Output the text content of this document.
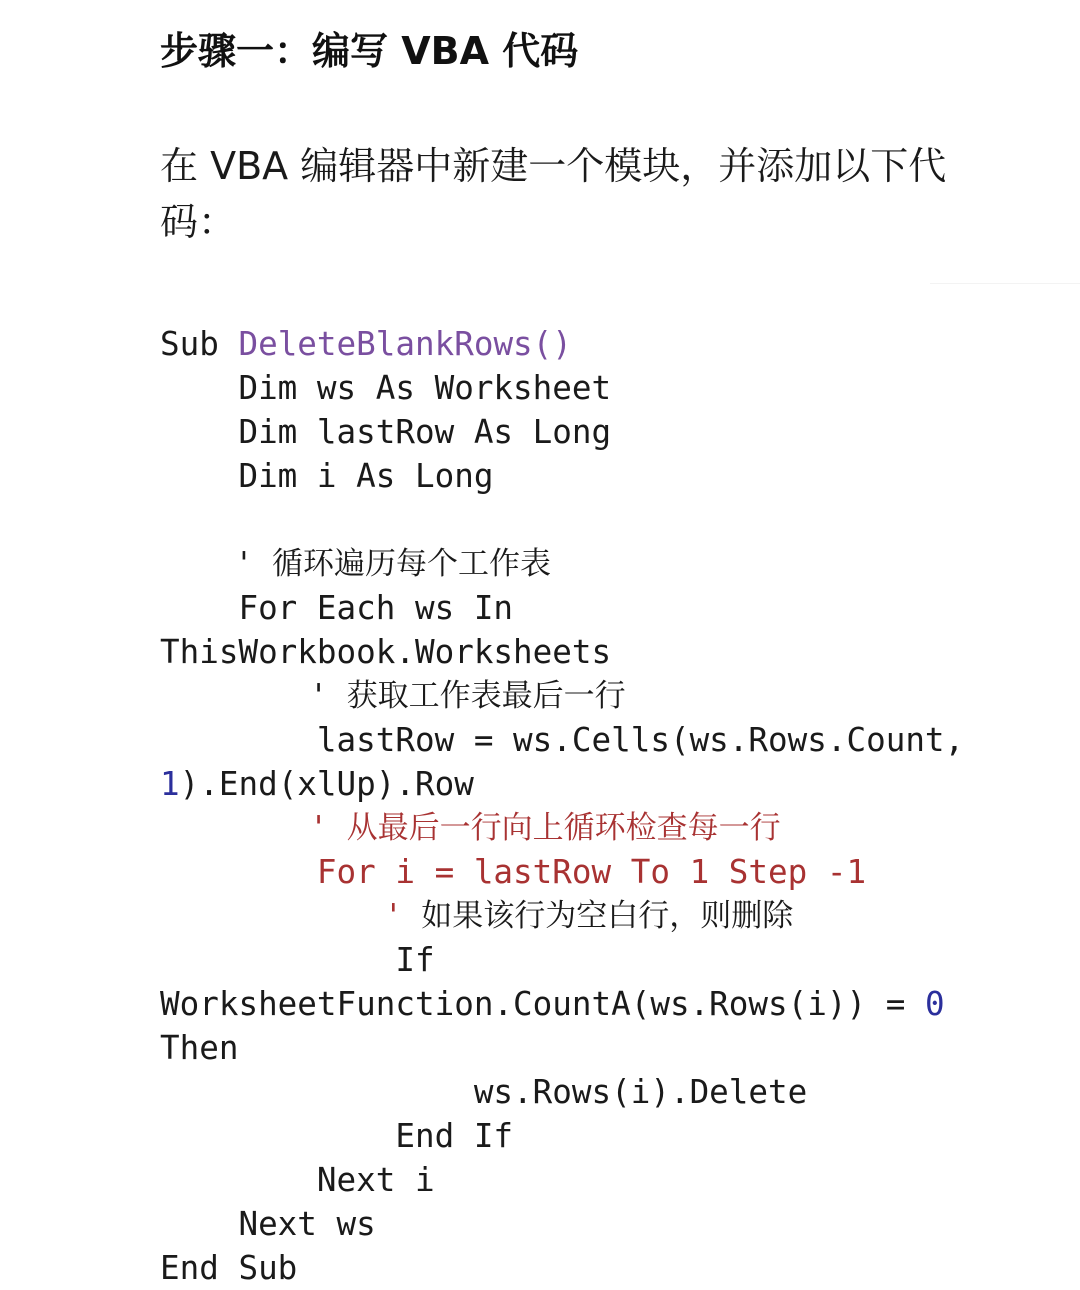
步骤一：编写 VBA 代码

在 VBA 编辑器中新建一个模块，并添加以下代码：

Sub DeleteBlankRows()
Dim ws As Worksheet
Dim lastRow As Long
Dim i As Long
' 循环遍历每个工作表
For Each ws In
ThisWorkbook.Worksheets
' 获取工作表最后一行
lastRow = ws.Cells(ws.Rows.Count,
1).End(xlUp).Row
' 从最后一行向上循环检查每一行
For i = lastRow To 1 Step -1
' 如果该行为空白行，则删除
If
WorksheetFunction.CountA(ws.Rows(i)) = 0
Then
ws.Rows(i).Delete
End If
Next i
Next ws
End Sub
